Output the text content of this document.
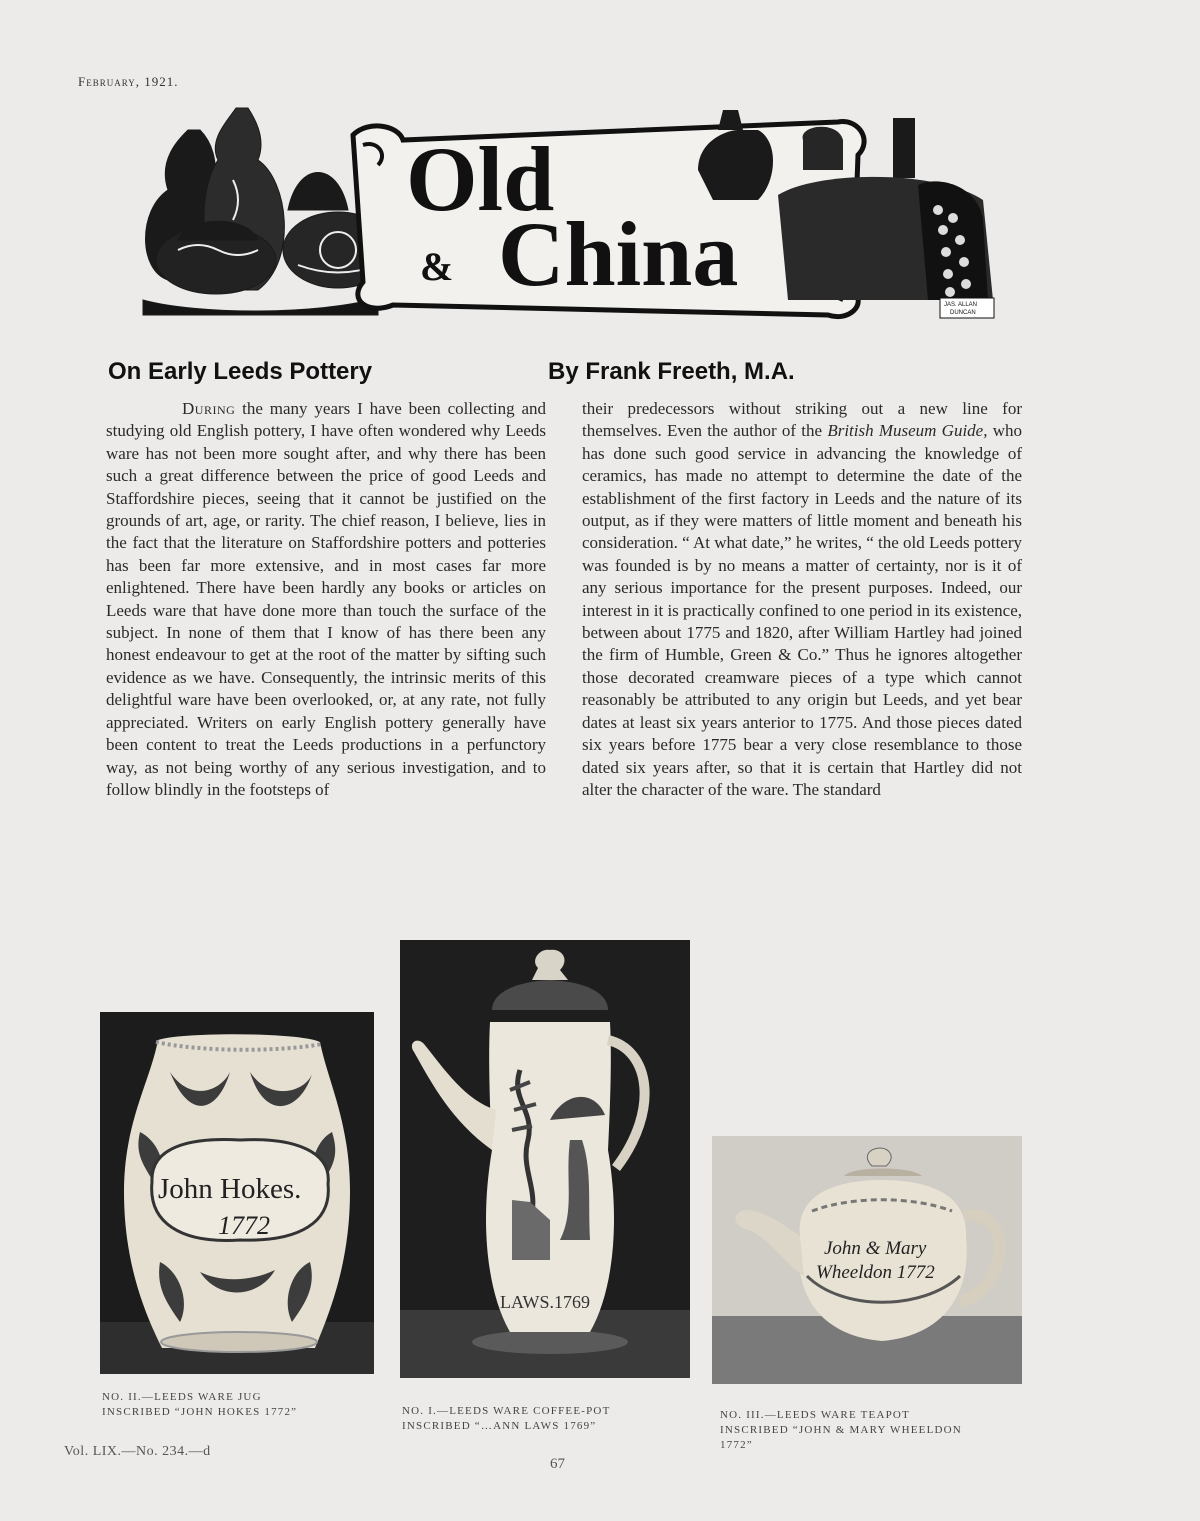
February, 1921.
Old
& China	JAS. ALLAN
DUNCAN
On Early Leeds Pottery	By Frank Freeth, M.A.

During the many years I have been collecting and studying old English pottery, I have often wondered why Leeds ware has not been more sought after, and why there has been such a great difference between the price of good Leeds and Staffordshire pieces, seeing that it cannot be justified on the grounds of art, age, or rarity. The chief reason, I believe, lies in the fact that the literature on Staffordshire potters and potteries has been far more extensive, and in most cases far more enlightened. There have been hardly any books or articles on Leeds ware that have done more than touch the surface of the subject. In none of them that I know of has there been any honest endeavour to get at the root of the matter by sifting such evidence as we have. Consequently, the intrinsic merits of this delightful ware have been overlooked, or, at any rate, not fully appreciated. Writers on early English pottery generally have been content to treat the Leeds productions in a perfunctory way, as not being worthy of any serious investigation, and to follow blindly in the footsteps of

their predecessors without striking out a new line for themselves. Even the author of the British Museum Guide, who has done such good service in advancing the knowledge of ceramics, has made no attempt to determine the date of the establishment of the first factory in Leeds and the nature of its output, as if they were matters of little moment and beneath his consideration. “ At what date,” he writes, “ the old Leeds pottery was founded is by no means a matter of certainty, nor is it of any serious importance for the present purposes. Indeed, our interest in it is practically confined to one period in its existence, between about 1775 and 1820, after William Hartley had joined the firm of Humble, Green & Co.” Thus he ignores altogether those decorated creamware pieces of a type which cannot reasonably be attributed to any origin but Leeds, and yet bear dates at least six years anterior to 1775. And those pieces dated six years before 1775 bear a very close resemblance to those dated six years after, so that it is certain that Hartley did not alter the character of the ware. The standard

LAWS.1769
John Hokes.
1772
John & Mary
Wheeldon 1772
NO. II.—LEEDS WARE JUG
INSCRIBED “JOHN HOKES 1772”	NO. I.—LEEDS WARE COFFEE-POT
INSCRIBED “…ANN LAWS 1769”
NO. III.—LEEDS WARE TEAPOT
INSCRIBED “JOHN & MARY WHEELDON
1772”
Vol. LIX.—No. 234.—d
67
